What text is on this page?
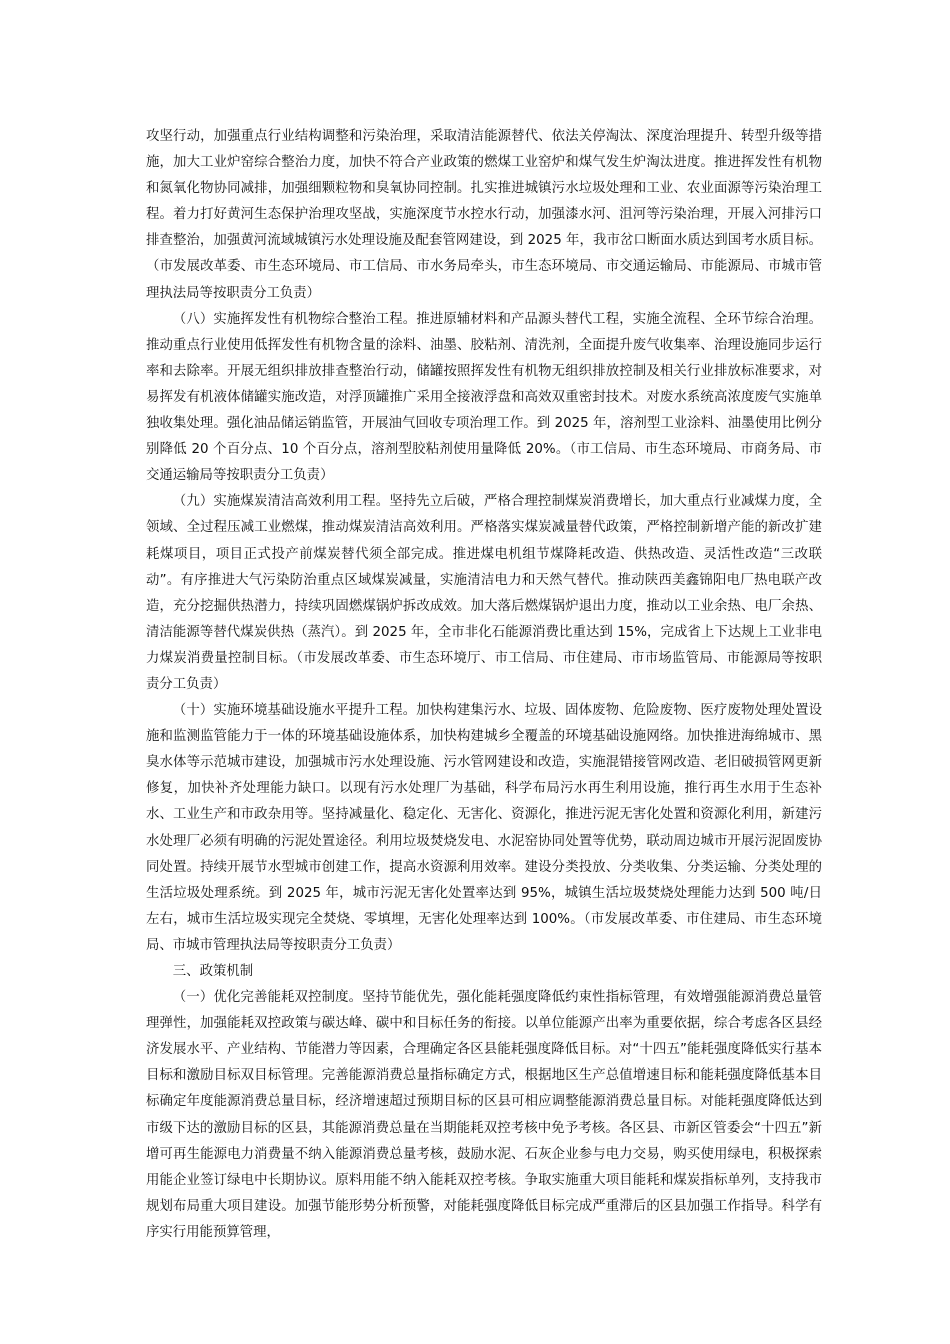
攻坚行动，加强重点行业结构调整和污染治理，采取清洁能源替代、依法关停淘汰、深度治理提升、转型升级等措施，加大工业炉窑综合整治力度，加快不符合产业政策的燃煤工业窑炉和煤气发生炉淘汰进度。推进挥发性有机物和氮氧化物协同减排，加强细颗粒物和臭氧协同控制。扎实推进城镇污水垃圾处理和工业、农业面源等污染治理工程。着力打好黄河生态保护治理攻坚战，实施深度节水控水行动，加强漆水河、沮河等污染治理，开展入河排污口排查整治，加强黄河流域城镇污水处理设施及配套管网建设，到 2025 年，我市岔口断面水质达到国考水质目标。（市发展改革委、市生态环境局、市工信局、市水务局牵头，市生态环境局、市交通运输局、市能源局、市城市管理执法局等按职责分工负责）

（八）实施挥发性有机物综合整治工程。推进原辅材料和产品源头替代工程，实施全流程、全环节综合治理。推动重点行业使用低挥发性有机物含量的涂料、油墨、胶粘剂、清洗剂，全面提升废气收集率、治理设施同步运行率和去除率。开展无组织排放排查整治行动，储罐按照挥发性有机物无组织排放控制及相关行业排放标准要求，对易挥发有机液体储罐实施改造，对浮顶罐推广采用全接液浮盘和高效双重密封技术。对废水系统高浓度废气实施单独收集处理。强化油品储运销监管，开展油气回收专项治理工作。到 2025 年，溶剂型工业涂料、油墨使用比例分别降低 20 个百分点、10 个百分点，溶剂型胶粘剂使用量降低 20%。（市工信局、市生态环境局、市商务局、市交通运输局等按职责分工负责）

（九）实施煤炭清洁高效利用工程。坚持先立后破，严格合理控制煤炭消费增长，加大重点行业减煤力度，全领域、全过程压减工业燃煤，推动煤炭清洁高效利用。严格落实煤炭减量替代政策，严格控制新增产能的新改扩建耗煤项目，项目正式投产前煤炭替代须全部完成。推进煤电机组节煤降耗改造、供热改造、灵活性改造“三改联动”。有序推进大气污染防治重点区域煤炭减量，实施清洁电力和天然气替代。推动陕西美鑫锦阳电厂热电联产改造，充分挖掘供热潜力，持续巩固燃煤锅炉拆改成效。加大落后燃煤锅炉退出力度，推动以工业余热、电厂余热、清洁能源等替代煤炭供热（蒸汽）。到 2025 年，全市非化石能源消费比重达到 15%，完成省上下达规上工业非电力煤炭消费量控制目标。（市发展改革委、市生态环境厅、市工信局、市住建局、市市场监管局、市能源局等按职责分工负责）

（十）实施环境基础设施水平提升工程。加快构建集污水、垃圾、固体废物、危险废物、医疗废物处理处置设施和监测监管能力于一体的环境基础设施体系，加快构建城乡全覆盖的环境基础设施网络。加快推进海绵城市、黑臭水体等示范城市建设，加强城市污水处理设施、污水管网建设和改造，实施混错接管网改造、老旧破损管网更新修复，加快补齐处理能力缺口。以现有污水处理厂为基础，科学布局污水再生利用设施，推行再生水用于生态补水、工业生产和市政杂用等。坚持减量化、稳定化、无害化、资源化，推进污泥无害化处置和资源化利用，新建污水处理厂必须有明确的污泥处置途径。利用垃圾焚烧发电、水泥窑协同处置等优势，联动周边城市开展污泥固废协同处置。持续开展节水型城市创建工作，提高水资源利用效率。建设分类投放、分类收集、分类运输、分类处理的生活垃圾处理系统。到 2025 年，城市污泥无害化处置率达到 95%，城镇生活垃圾焚烧处理能力达到 500 吨/日左右，城市生活垃圾实现完全焚烧、零填埋，无害化处理率达到 100%。（市发展改革委、市住建局、市生态环境局、市城市管理执法局等按职责分工负责）

三、政策机制

（一）优化完善能耗双控制度。坚持节能优先，强化能耗强度降低约束性指标管理，有效增强能源消费总量管理弹性，加强能耗双控政策与碳达峰、碳中和目标任务的衔接。以单位能源产出率为重要依据，综合考虑各区县经济发展水平、产业结构、节能潜力等因素，合理确定各区县能耗强度降低目标。对“十四五”能耗强度降低实行基本目标和激励目标双目标管理。完善能源消费总量指标确定方式，根据地区生产总值增速目标和能耗强度降低基本目标确定年度能源消费总量目标，经济增速超过预期目标的区县可相应调整能源消费总量目标。对能耗强度降低达到市级下达的激励目标的区县，其能源消费总量在当期能耗双控考核中免予考核。各区县、市新区管委会“十四五”新增可再生能源电力消费量不纳入能源消费总量考核，鼓励水泥、石灰企业参与电力交易，购买使用绿电，积极探索用能企业签订绿电中长期协议。原料用能不纳入能耗双控考核。争取实施重大项目能耗和煤炭指标单列，支持我市规划布局重大项目建设。加强节能形势分析预警，对能耗强度降低目标完成严重滞后的区县加强工作指导。科学有序实行用能预算管理，
